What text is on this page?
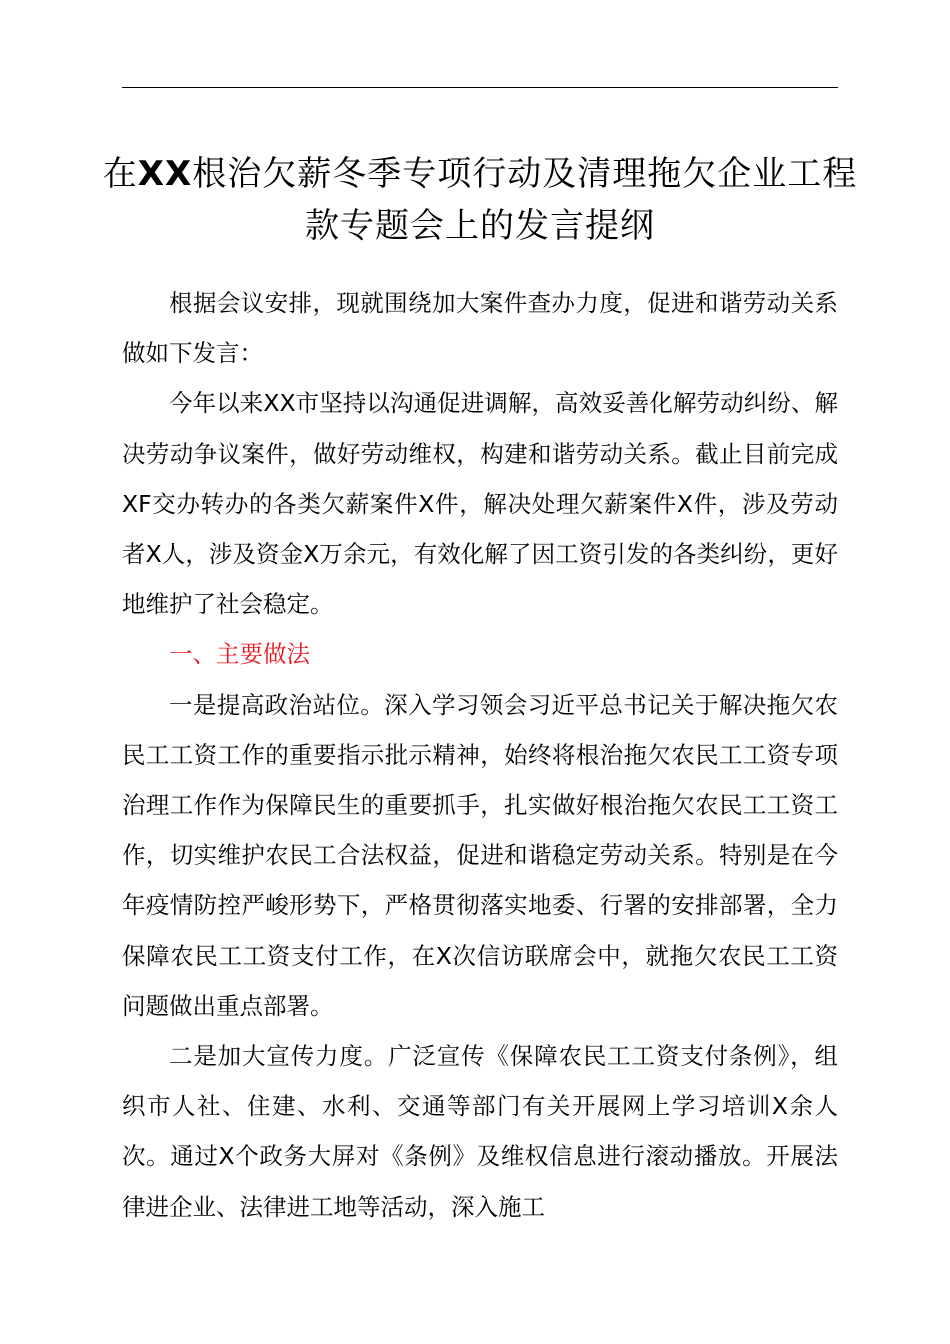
在XX根治欠薪冬季专项行动及清理拖欠企业工程款专题会上的发言提纲

根据会议安排，现就围绕加大案件查办力度，促进和谐劳动关系做如下发言：

今年以来XX市坚持以沟通促进调解，高效妥善化解劳动纠纷、解决劳动争议案件，做好劳动维权，构建和谐劳动关系。截止目前完成XF交办转办的各类欠薪案件X件，解决处理欠薪案件X件，涉及劳动者X人，涉及资金X万余元，有效化解了因工资引发的各类纠纷，更好地维护了社会稳定。

一、主要做法

一是提高政治站位。深入学习领会习近平总书记关于解决拖欠农民工工资工作的重要指示批示精神，始终将根治拖欠农民工工资专项治理工作作为保障民生的重要抓手，扎实做好根治拖欠农民工工资工作，切实维护农民工合法权益，促进和谐稳定劳动关系。特别是在今年疫情防控严峻形势下，严格贯彻落实地委、行署的安排部署，全力保障农民工工资支付工作，在X次信访联席会中，就拖欠农民工工资问题做出重点部署。

二是加大宣传力度。广泛宣传《保障农民工工资支付条例》，组织市人社、住建、水利、交通等部门有关开展网上学习培训X余人次。通过X个政务大屏对《条例》及维权信息进行滚动播放。开展法律进企业、法律进工地等活动，深入施工
